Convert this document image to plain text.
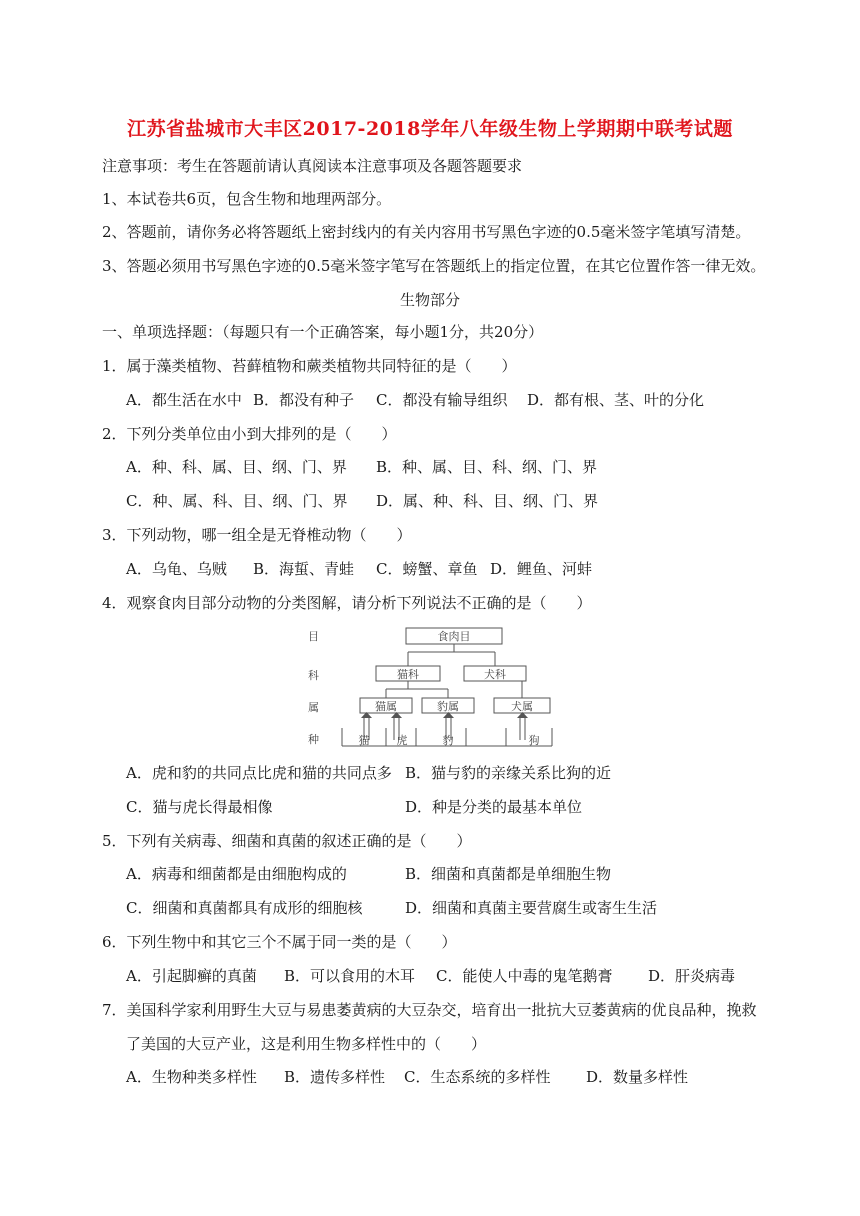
江苏省盐城市大丰区2017-2018学年八年级生物上学期期中联考试题
注意事项：考生在答题前请认真阅读本注意事项及各题答题要求
1、本试卷共6页，包含生物和地理两部分。
2、答题前，请你务必将答题纸上密封线内的有关内容用书写黑色字迹的0.5毫米签字笔填写清楚。
3、答题必须用书写黑色字迹的0.5毫米签字笔写在答题纸上的指定位置，在其它位置作答一律无效。
生物部分
一、单项选择题：（每题只有一个正确答案，每小题1分，共20分）
1．属于藻类植物、苔藓植物和蕨类植物共同特征的是（　　）
A．都生活在水中 B．都没有种子 C．都没有输导组织 D．都有根、茎、叶的分化
2．下列分类单位由小到大排列的是（　　）
A．种、科、属、目、纲、门、界 B．种、属、目、科、纲、门、界
C．种、属、科、目、纲、门、界 D．属、种、科、目、纲、门、界
3．下列动物，哪一组全是无脊椎动物（　　）
A．乌龟、乌贼 B．海蜇、青蛙 C．螃蟹、章鱼 D．鲤鱼、河蚌
4．观察食肉目部分动物的分类图解，请分析下列说法不正确的是（　　）
目
科
属
种
食肉目
猫科	犬科
猫属	豹属	犬属
猫 虎	豹	狗
A．虎和豹的共同点比虎和猫的共同点多 B．猫与豹的亲缘关系比狗的近
C．猫与虎长得最相像	D．种是分类的最基本单位
5．下列有关病毒、细菌和真菌的叙述正确的是（　　）
A．病毒和细菌都是由细胞构成的	B．细菌和真菌都是单细胞生物
C．细菌和真菌都具有成形的细胞核	D．细菌和真菌主要营腐生或寄生生活
6．下列生物中和其它三个不属于同一类的是（　　）
A．引起脚癣的真菌 B．可以食用的木耳 C．能使人中毒的鬼笔鹅膏 D．肝炎病毒
7．美国科学家利用野生大豆与易患萎黄病的大豆杂交，培育出一批抗大豆萎黄病的优良品种，挽救
了美国的大豆产业，这是利用生物多样性中的（　　）
A．生物种类多样性 B．遗传多样性 C．生态系统的多样性 D．数量多样性
